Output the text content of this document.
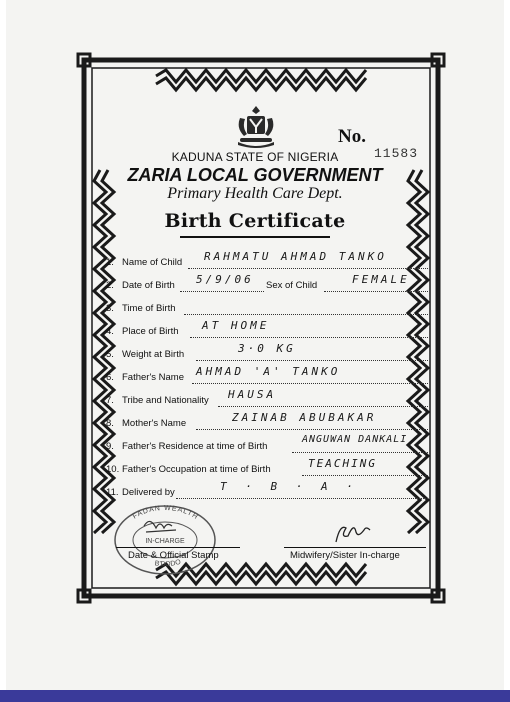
No.
11583
KADUNA STATE OF NIGERIA
ZARIA LOCAL GOVERNMENT
Primary Health Care Dept.
Birth Certificate
1. Name of Child RAHMATU AHMAD TANKO
2. Date of Birth 5/9/06 Sex of Child	FEMALE
3. Time of Birth
4. Place of Birth AT HOME
5. Weight at Birth	3·0 KG
6. Father's Name AHMAD 'A' TANKO
7. Tribe and Nationality HAUSA
8. Mother's Name	ZAINAB ABUBAKAR
9. Father's Residence at time of Birth
ANGUWAN DANKALI
10. Father's Occupation at time of Birth	TEACHING
11. Delivered by	T · B · A ·
FADAN WEALTH
IN-CHARGE
B'DODO
Date & Official Stamp	Midwifery/Sister In-charge
